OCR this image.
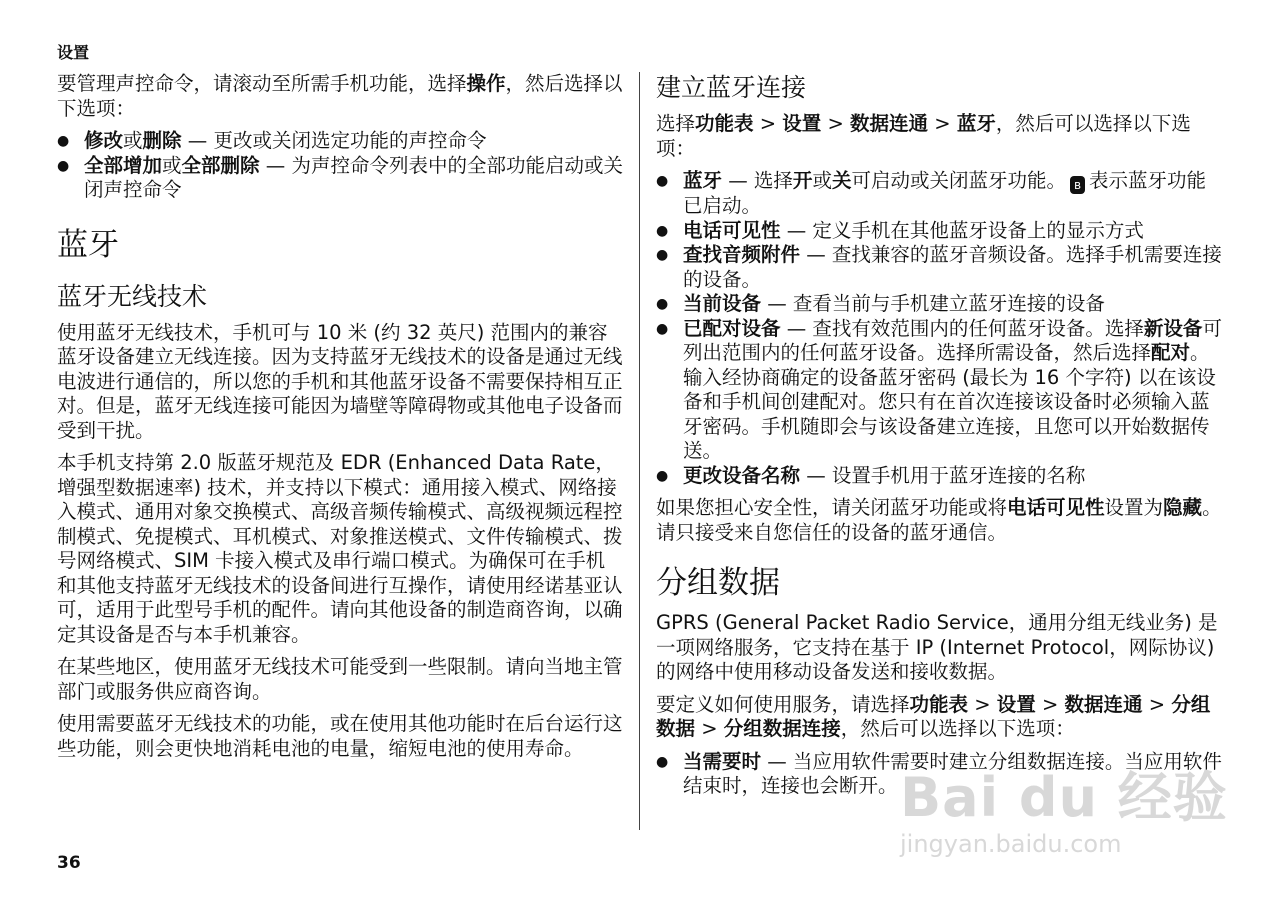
设置

要管理声控命令，请滚动至所需手机功能，选择操作，然后选择以下选项：

● 修改或删除 — 更改或关闭选定功能的声控命令
● 全部增加或全部删除 — 为声控命令列表中的全部功能启动或关闭声控命令
蓝牙
蓝牙无线技术

使用蓝牙无线技术，手机可与 10 米 (约 32 英尺) 范围内的兼容蓝牙设备建立无线连接。因为支持蓝牙无线技术的设备是通过无线电波进行通信的，所以您的手机和其他蓝牙设备不需要保持相互正对。但是，蓝牙无线连接可能因为墙壁等障碍物或其他电子设备而受到干扰。

本手机支持第 2.0 版蓝牙规范及 EDR (Enhanced Data Rate，增强型数据速率) 技术，并支持以下模式：通用接入模式、网络接入模式、通用对象交换模式、高级音频传输模式、高级视频远程控制模式、免提模式、耳机模式、对象推送模式、文件传输模式、拨号网络模式、SIM 卡接入模式及串行端口模式。为确保可在手机和其他支持蓝牙无线技术的设备间进行互操作，请使用经诺基亚认可，适用于此型号手机的配件。请向其他设备的制造商咨询，以确定其设备是否与本手机兼容。

在某些地区，使用蓝牙无线技术可能受到一些限制。请向当地主管部门或服务供应商咨询。

使用需要蓝牙无线技术的功能，或在使用其他功能时在后台运行这些功能，则会更快地消耗电池的电量，缩短电池的使用寿命。

建立蓝牙连接

选择功能表 > 设置 > 数据连通 > 蓝牙，然后可以选择以下选项：

● 蓝牙 — 选择开或关可启动或关闭蓝牙功能。 ʙ 表示蓝牙功能已启动。
● 电话可见性 — 定义手机在其他蓝牙设备上的显示方式
● 查找音频附件 — 查找兼容的蓝牙音频设备。选择手机需要连接的设备。
● 当前设备 — 查看当前与手机建立蓝牙连接的设备
● 已配对设备 — 查找有效范围内的任何蓝牙设备。选择新设备可列出范围内的任何蓝牙设备。选择所需设备，然后选择配对。输入经协商确定的设备蓝牙密码 (最长为 16 个字符) 以在该设备和手机间创建配对。您只有在首次连接该设备时必须输入蓝牙密码。手机随即会与该设备建立连接，且您可以开始数据传送。
● 更改设备名称 — 设置手机用于蓝牙连接的名称

如果您担心安全性，请关闭蓝牙功能或将电话可见性设置为隐藏。请只接受来自您信任的设备的蓝牙通信。

分组数据

GPRS (General Packet Radio Service，通用分组无线业务) 是一项网络服务，它支持在基于 IP (Internet Protocol，网际协议) 的网络中使用移动设备发送和接收数据。

要定义如何使用服务，请选择功能表 > 设置 > 数据连通 > 分组数据 > 分组数据连接，然后可以选择以下选项：

● 当需要时 — 当应用软件需要时建立分组数据连接。当应用软件结束时，连接也会断开。
36
Bai du 经验
jingyan.baidu.com
